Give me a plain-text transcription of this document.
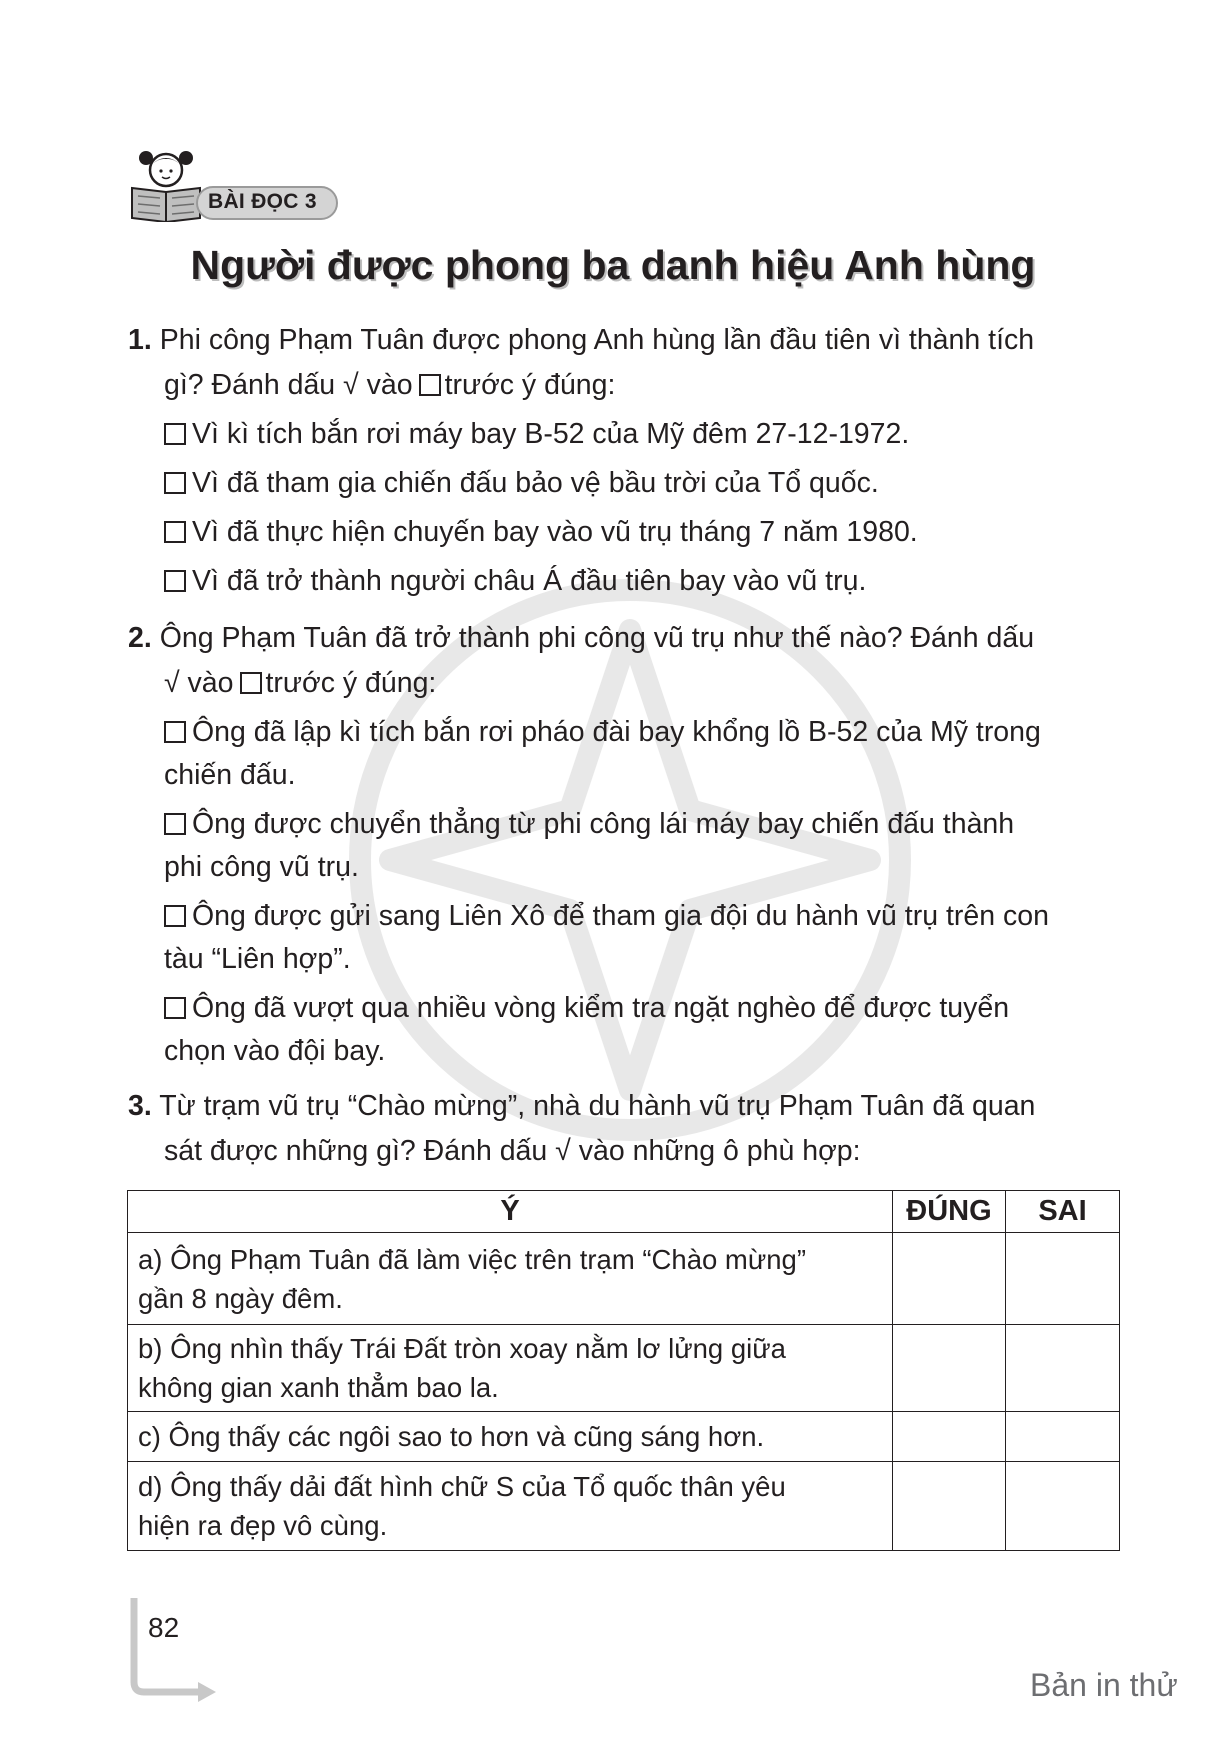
BÀI ĐỌC 3
Người được phong ba danh hiệu Anh hùng
1. Phi công Phạm Tuân được phong Anh hùng lần đầu tiên vì thành tích
gì? Đánh dấu √ vào trước ý đúng:
Vì kì tích bắn rơi máy bay B-52 của Mỹ đêm 27-12-1972.
Vì đã tham gia chiến đấu bảo vệ bầu trời của Tổ quốc.
Vì đã thực hiện chuyến bay vào vũ trụ tháng 7 năm 1980.
Vì đã trở thành người châu Á đầu tiên bay vào vũ trụ.
2. Ông Phạm Tuân đã trở thành phi công vũ trụ như thế nào? Đánh dấu
√ vào trước ý đúng:
Ông đã lập kì tích bắn rơi pháo đài bay khổng lồ B-52 của Mỹ trong
chiến đấu.
Ông được chuyển thẳng từ phi công lái máy bay chiến đấu thành
phi công vũ trụ.
Ông được gửi sang Liên Xô để tham gia đội du hành vũ trụ trên con
tàu “Liên hợp”.
Ông đã vượt qua nhiều vòng kiểm tra ngặt nghèo để được tuyển
chọn vào đội bay.
3. Từ trạm vũ trụ “Chào mừng”, nhà du hành vũ trụ Phạm Tuân đã quan
sát được những gì? Đánh dấu √ vào những ô phù hợp:
Ý	ĐÚNG	SAI

a) Ông Phạm Tuân đã làm việc trên trạm “Chào mừng”
gần 8 ngày đêm.		

b) Ông nhìn thấy Trái Đất tròn xoay nằm lơ lửng giữa
không gian xanh thẳm bao la.		

c) Ông thấy các ngôi sao to hơn và cũng sáng hơn.		

d) Ông thấy dải đất hình chữ S của Tổ quốc thân yêu
hiện ra đẹp vô cùng.		

82
Bản in thử
